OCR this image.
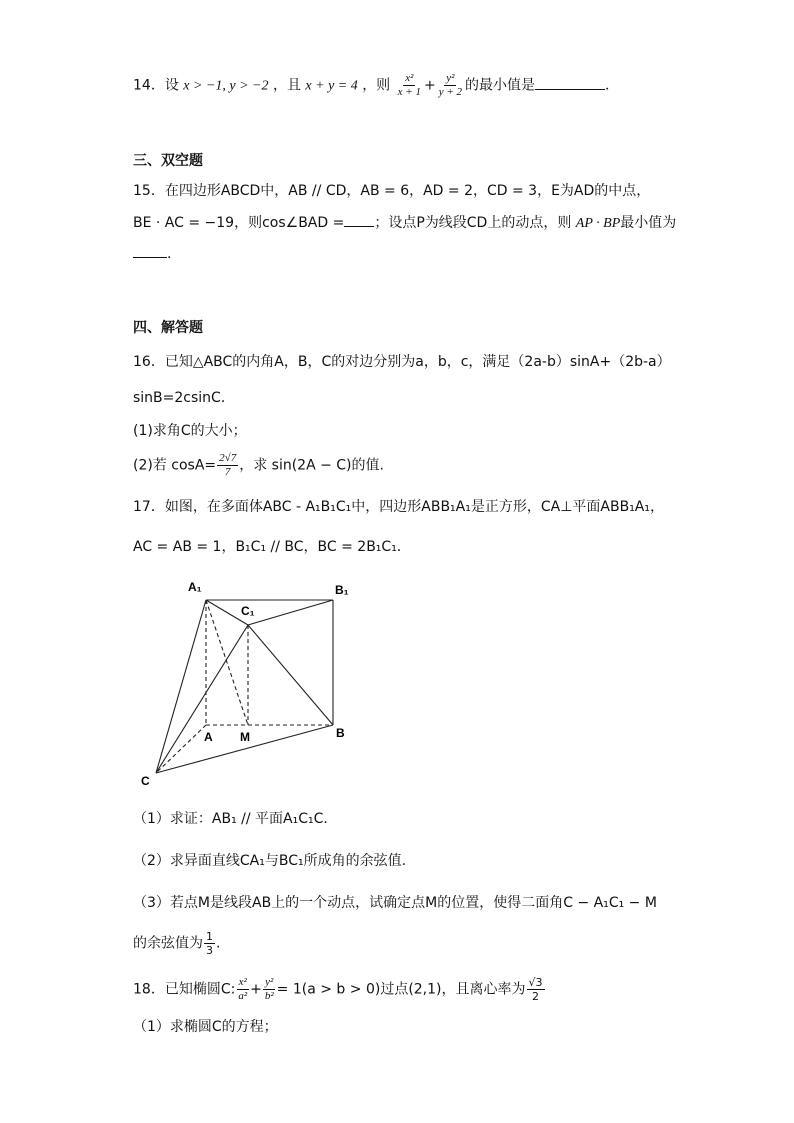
14．设 x > −1, y > −2 ，且 x + y = 4 ，则 $\frac{\text{x²}}{x + 1} + \frac{\text{y²}}{y + 2}$ 的最小值是	.
三、双空题
15．在四边形ABCD中，AB // CD，AB = 6，AD = 2，CD = 3，E为AD的中点，
BE · AC = −19，则cos∠BAD = ；设点P为线段CD上的动点，则 AP · BP最小值为
.
四、解答题
16．已知△ABC的内角A，B，C的对边分别为a，b，c，满足（2a-b）sinA+（2b-a）
sinB=2csinC．
(1)求角C的大小；
(2)若 $\cos A= \frac{2√7}{7}$ ，求 sin(2A − C)的值.
17．如图，在多面体ABC - A₁B₁C₁中，四边形ABB₁A₁是正方形，CA⊥平面ABB₁A₁，
AC = AB = 1，B₁C₁ // BC，BC = 2B₁C₁．
A₁	B₁
C₁
A M	B
C
（1）求证：AB₁ // 平面A₁C₁C．
（2）求异面直线CA₁与BC₁所成角的余弦值.
（3）若点M是线段AB上的一个动点，试确定点M的位置，使得二面角C − A₁C₁ − M
的余弦值为 $\frac{1}{3}$ .
18．已知椭圆C: $\frac{\text{x²}}{\text{a²}} + \frac{\text{y²}}{\text{b²}} = 1(a > b > 0)$过点(2,1)，且离心率为 $\frac{√3}{2}$
（1）求椭圆C的方程；
